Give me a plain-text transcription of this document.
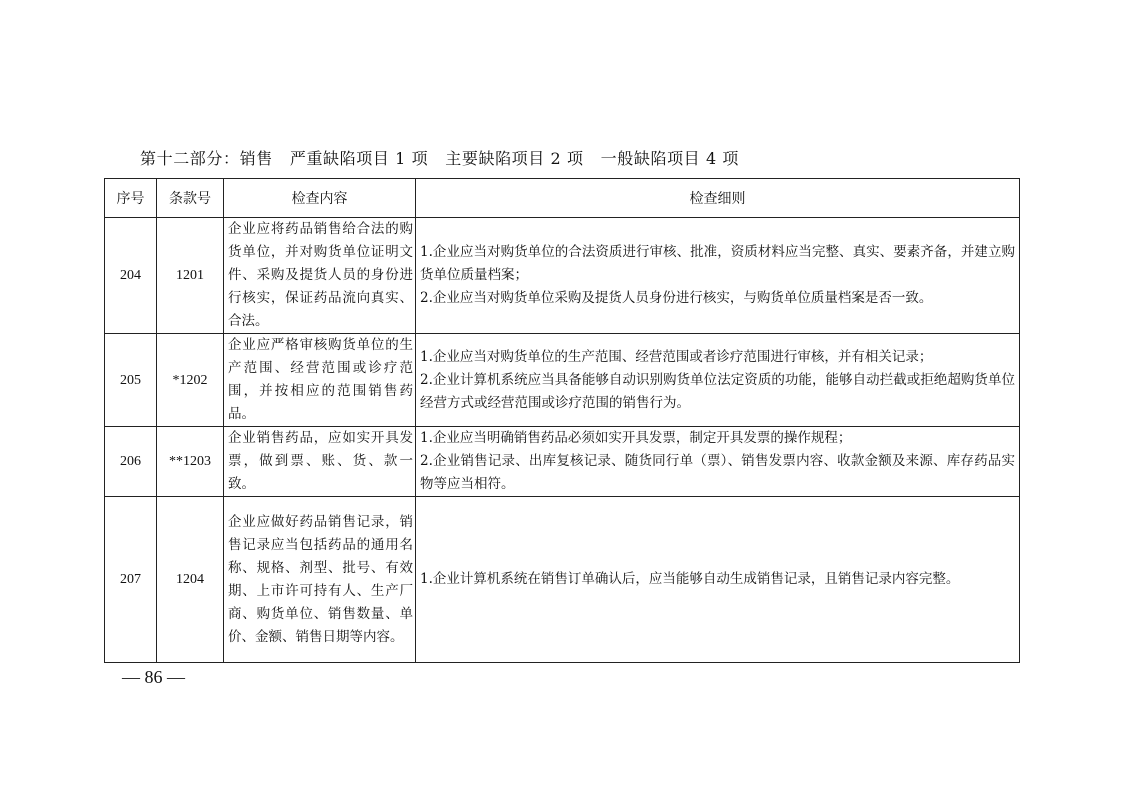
第十二部分：销售   严重缺陷项目 1 项   主要缺陷项目 2 项   一般缺陷项目 4 项
序号	条款号	检查内容	检查细则
204	1201	企业应将药品销售给合法的购货单位，并对购货单位证明文件、采购及提货人员的身份进行核实，保证药品流向真实、合法。	1.企业应当对购货单位的合法资质进行审核、批准，资质材料应当完整、真实、要素齐备，并建立购货单位质量档案；
2.企业应当对购货单位采购及提货人员身份进行核实，与购货单位质量档案是否一致。

205	*1202	企业应严格审核购货单位的生产范围、经营范围或诊疗范围，并按相应的范围销售药品。	1.企业应当对购货单位的生产范围、经营范围或者诊疗范围进行审核，并有相关记录；
2.企业计算机系统应当具备能够自动识别购货单位法定资质的功能，能够自动拦截或拒绝超购货单位经营方式或经营范围或诊疗范围的销售行为。

206	**1203	企业销售药品，应如实开具发票，做到票、账、货、款一致。	1.企业应当明确销售药品必须如实开具发票，制定开具发票的操作规程；
2.企业销售记录、出库复核记录、随货同行单（票）、销售发票内容、收款金额及来源、库存药品实物等应当相符。

207	1204	企业应做好药品销售记录，销售记录应当包括药品的通用名称、规格、剂型、批号、有效期、上市许可持有人、生产厂商、购货单位、销售数量、单价、金额、销售日期等内容。	1.企业计算机系统在销售订单确认后，应当能够自动生成销售记录，且销售记录内容完整。
— 86 —
